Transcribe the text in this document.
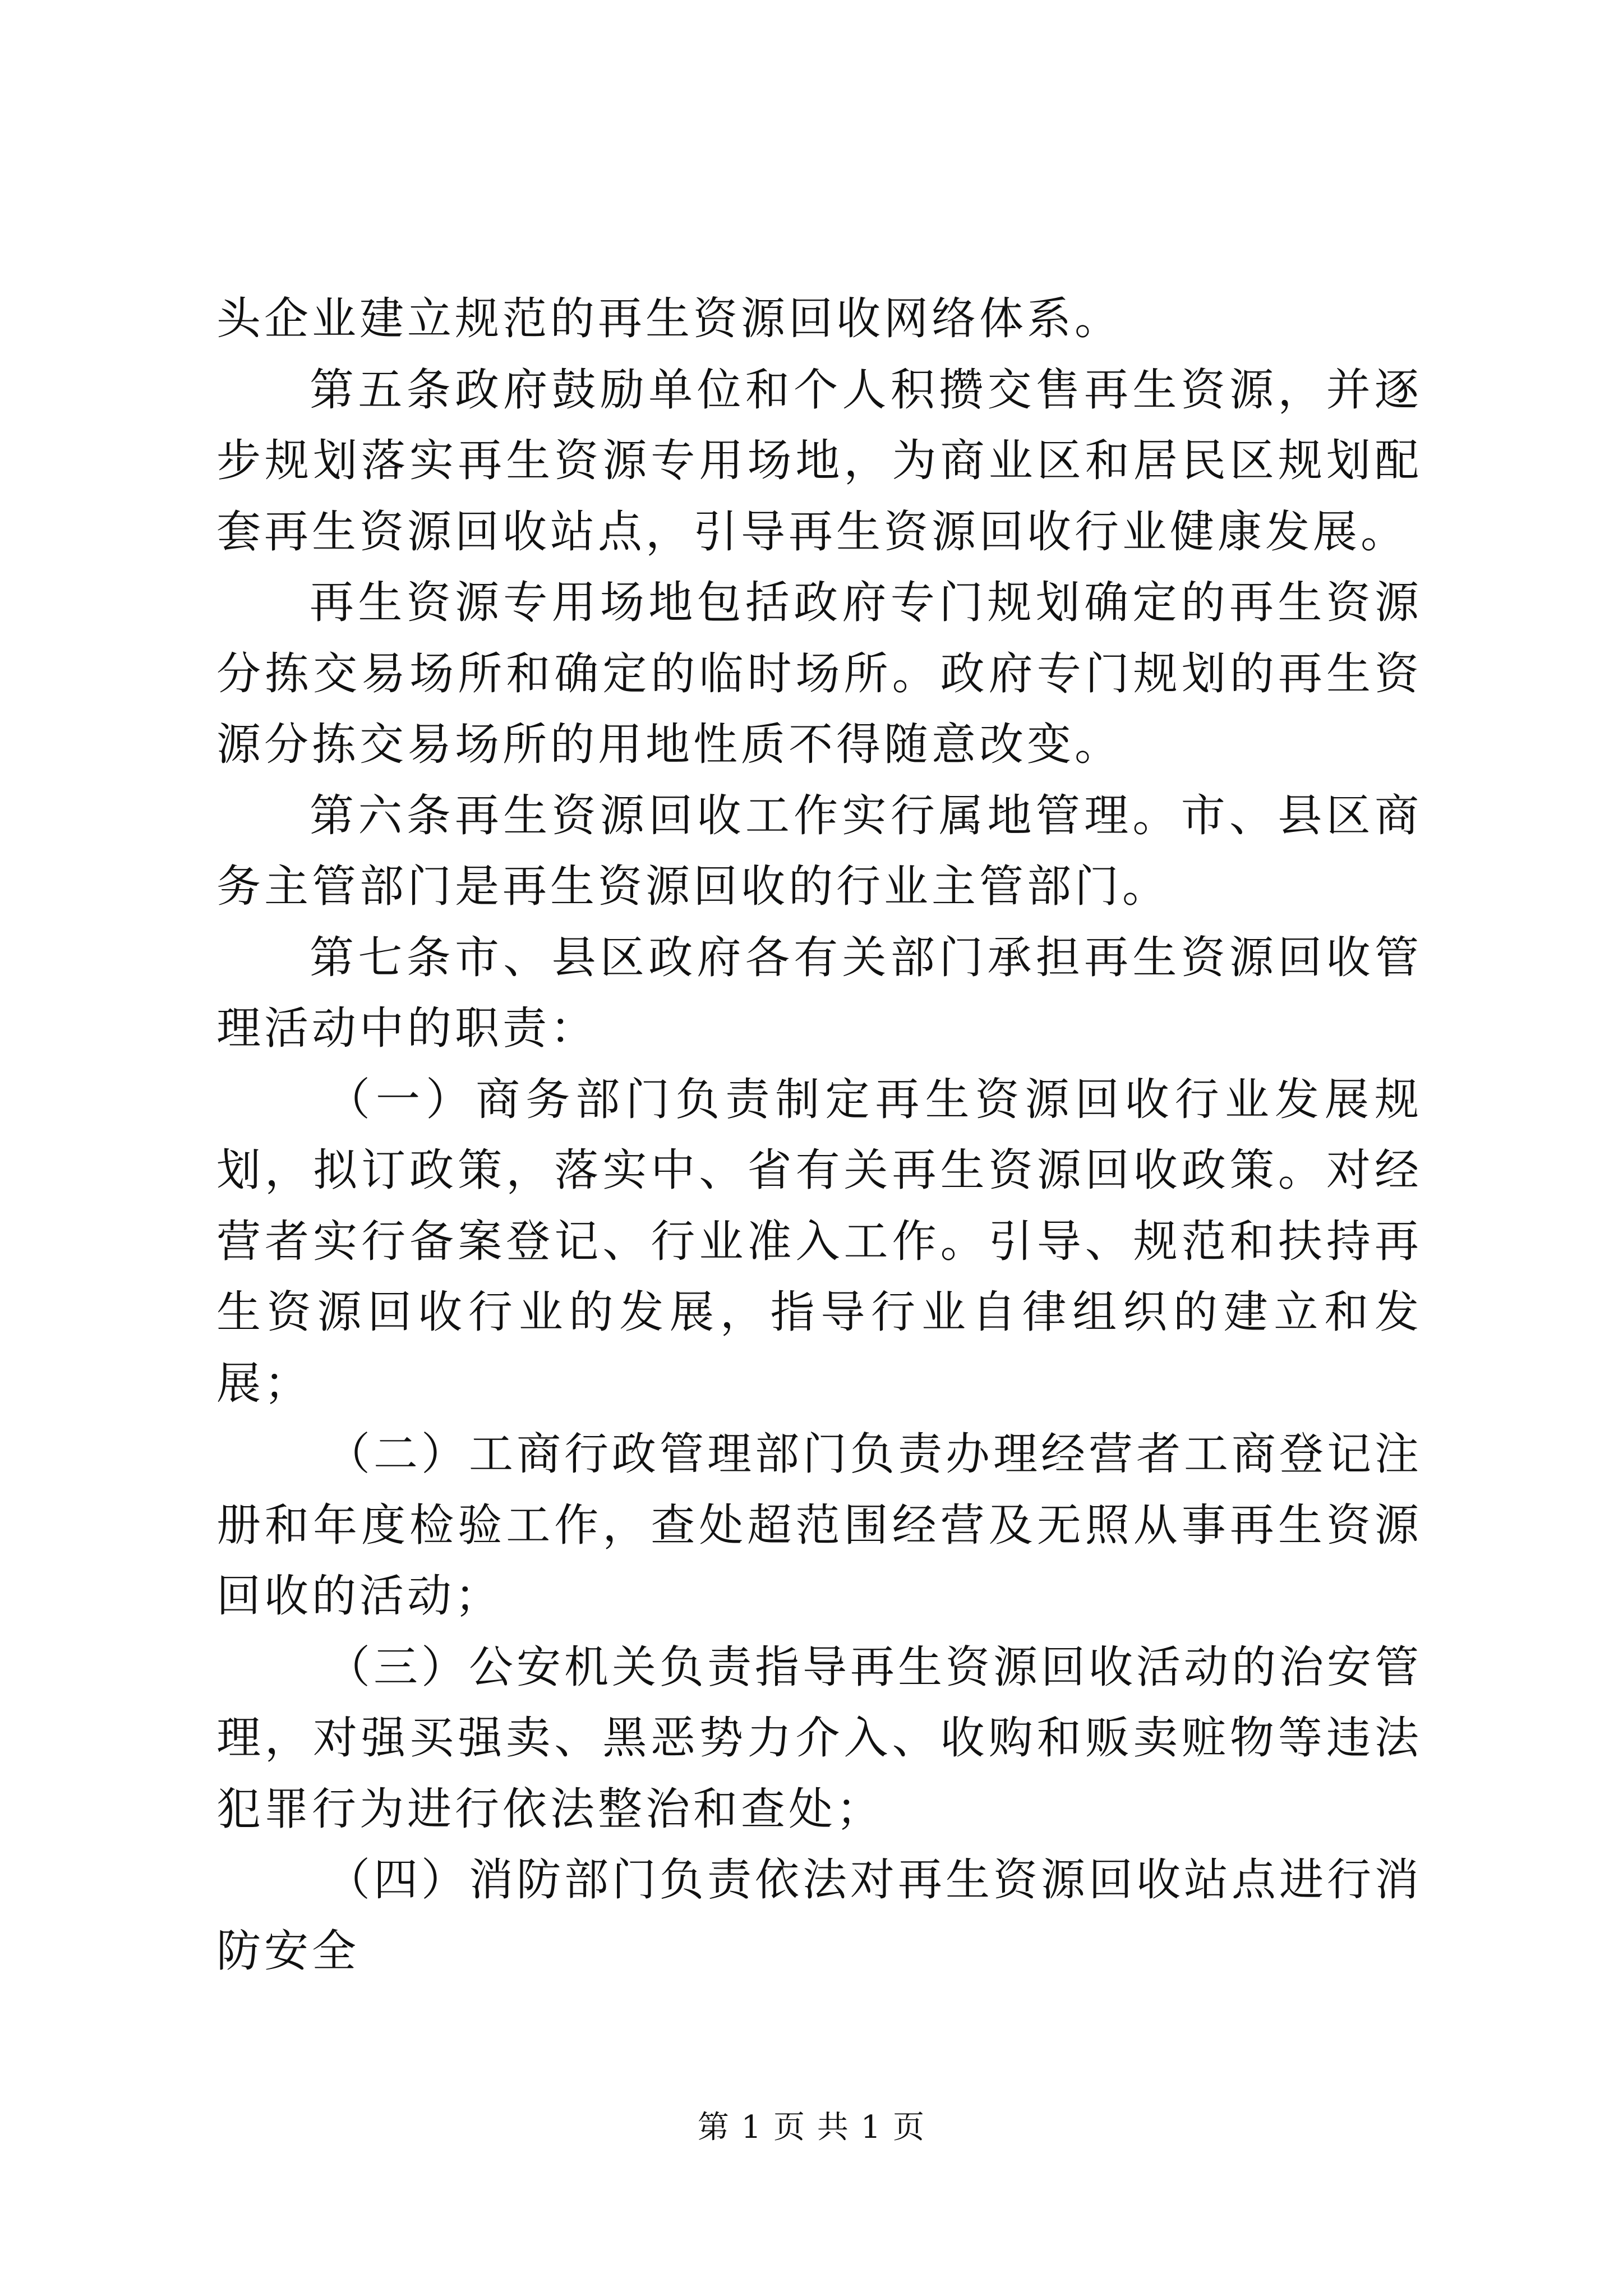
头企业建立规范的再生资源回收网络体系。

第五条政府鼓励单位和个人积攒交售再生资源，并逐步规划落实再生资源专用场地，为商业区和居民区规划配套再生资源回收站点，引导再生资源回收行业健康发展。

再生资源专用场地包括政府专门规划确定的再生资源分拣交易场所和确定的临时场所。政府专门规划的再生资源分拣交易场所的用地性质不得随意改变。

第六条再生资源回收工作实行属地管理。市、县区商务主管部门是再生资源回收的行业主管部门。

第七条市、县区政府各有关部门承担再生资源回收管理活动中的职责：

（一）商务部门负责制定再生资源回收行业发展规划，拟订政策，落实中、省有关再生资源回收政策。对经营者实行备案登记、行业准入工作。引导、规范和扶持再生资源回收行业的发展，指导行业自律组织的建立和发展；

（二）工商行政管理部门负责办理经营者工商登记注册和年度检验工作，查处超范围经营及无照从事再生资源回收的活动；

（三）公安机关负责指导再生资源回收活动的治安管理，对强买强卖、黑恶势力介入、收购和贩卖赃物等违法犯罪行为进行依法整治和查处；

（四）消防部门负责依法对再生资源回收站点进行消防安全

第 1 页 共 1 页
